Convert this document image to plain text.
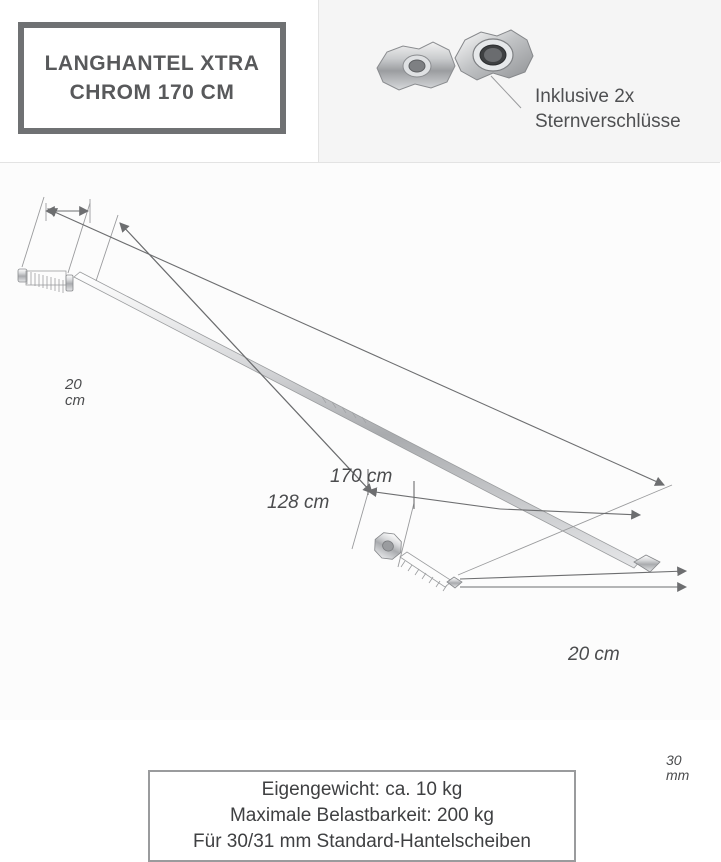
LANGHANTEL XTRA CHROM 170 CM	Inklusive 2x
Sternverschlüsse
20
cm
170 cm
128 cm
20 cm
30
mm
Eigengewicht: ca. 10 kg
Maximale Belastbarkeit: 200 kg
Für 30/31 mm Standard-Hantelscheiben
